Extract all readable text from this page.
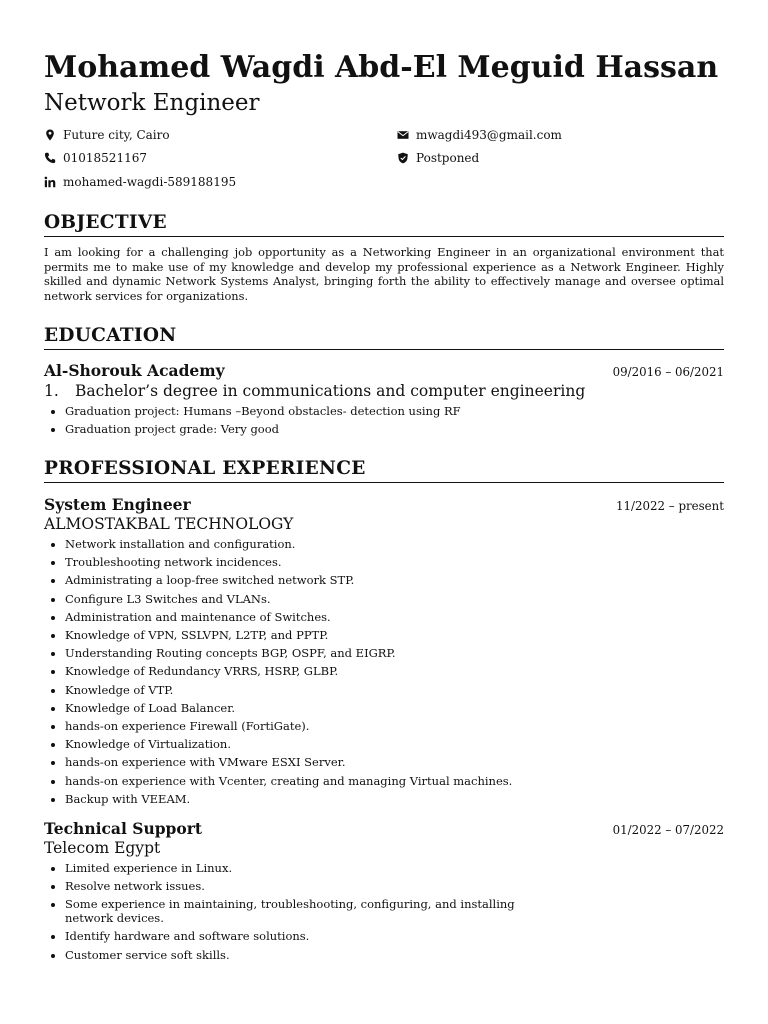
Mohamed Wagdi Abd-El Meguid Hassan
Network Engineer
Future city, Cairo	mwagdi493@gmail.com
01018521167	Postponed
mohamed-wagdi-589188195
OBJECTIVE
I am looking for a challenging job opportunity as a Networking Engineer in an organizational environment that permits me to make use of my knowledge and develop my professional experience as a Network Engineer. Highly skilled and dynamic Network Systems Analyst, bringing forth the ability to effectively manage and oversee optimal network services for organizations.
EDUCATION
Al-Shorouk Academy	09/2016 – 06/2021
1.	Bachelor’s degree in communications and computer engineering
• Graduation project: Humans –Beyond obstacles- detection using RF
• Graduation project grade: Very good
PROFESSIONAL EXPERIENCE
System Engineer	11/2022 – present
ALMOSTAKBAL TECHNOLOGY
• Network installation and configuration.
• Troubleshooting network incidences.
• Administrating a loop-free switched network STP.
• Configure L3 Switches and VLANs.
• Administration and maintenance of Switches.
• Knowledge of VPN, SSLVPN, L2TP, and PPTP.
• Understanding Routing concepts BGP, OSPF, and EIGRP.
• Knowledge of Redundancy VRRS, HSRP, GLBP.
• Knowledge of VTP.
• Knowledge of Load Balancer.
• hands-on experience Firewall (FortiGate).
• Knowledge of Virtualization.
• hands-on experience with VMware ESXI Server.
• hands-on experience with Vcenter, creating and managing Virtual machines.
• Backup with VEEAM.
Technical Support	01/2022 – 07/2022
Telecom Egypt
• Limited experience in Linux.
• Resolve network issues.
• Some experience in maintaining, troubleshooting, configuring, and installing network devices.
• Identify hardware and software solutions.
• Customer service soft skills.
